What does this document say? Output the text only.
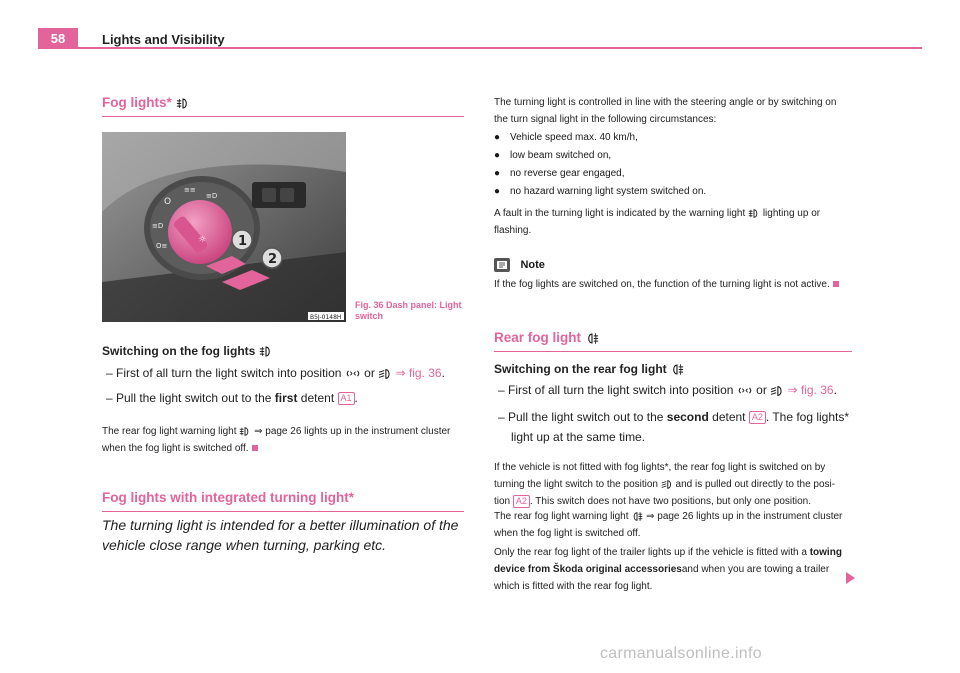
58	Lights and Visibility
Fog lights*
O
≡≡
≡D
≡D
O≡
☼ 1
2
B5J-0148H
Fig. 36 Dash panel: Light switch
Switching on the fog lights
– First of all turn the light switch into position or ⇒ fig. 36.
– Pull the light switch out to the first detent A1 .
The rear fog light warning light ⇒ page 26 lights up in the instrument cluster
when the fog light is switched off.
Fog lights with integrated turning light*
The turning light is intended for a better illumination of the
vehicle close range when turning, parking etc.
The turning light is controlled in line with the steering angle or by switching on
the turn signal light in the following circumstances:
● Vehicle speed max. 40 km/h,
● low beam switched on,
● no reverse gear engaged,
● no hazard warning light system switched on.
A fault in the turning light is indicated by the warning light lighting up or
flashing.
Note
If the fog lights are switched on, the function of the turning light is not active.
Rear fog light
Switching on the rear fog light
– First of all turn the light switch into position or ⇒ fig. 36.
– Pull the light switch out to the second detent A2 . The fog lights*
light up at the same time.
If the vehicle is not fitted with fog lights*, the rear fog light is switched on by
turning the light switch to the position and is pulled out directly to the posi-
tion A2 . This switch does not have two positions, but only one position.
The rear fog light warning light ⇒ page 26 lights up in the instrument cluster
when the fog light is switched off.
Only the rear fog light of the trailer lights up if the vehicle is fitted with a towing
device from Škoda original accessoriesand when you are towing a trailer
which is fitted with the rear fog light.
carmanualsonline.info
